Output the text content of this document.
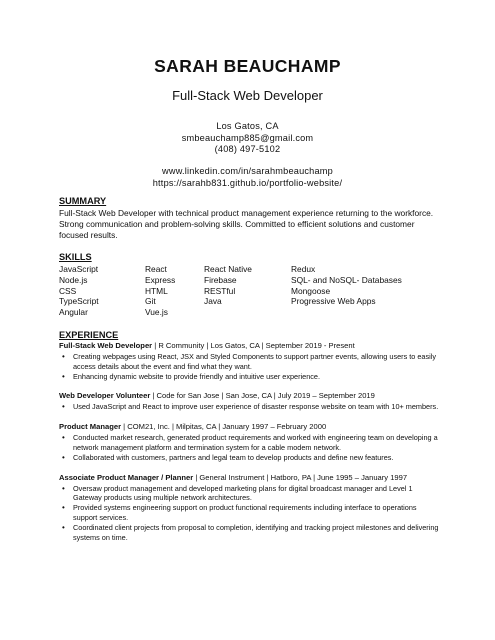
SARAH BEAUCHAMP
Full-Stack Web Developer
Los Gatos, CA
smbeauchamp885@gmail.com
(408) 497-5102
www.linkedin.com/in/sarahmbeauchamp
https://sarahb831.github.io/portfolio-website/
SUMMARY
Full-Stack Web Developer with technical product management experience returning to the workforce. Strong communication and problem-solving skills. Committed to efficient solutions and customer focused results.
SKILLS
JavaScript
Node.js
CSS
TypeScript
Angular
React
Express
HTML
Git
Vue.js
React Native
Firebase
RESTful
Java
Redux
SQL- and NoSQL- Databases
Mongoose
Progressive Web Apps
EXPERIENCE
Full-Stack Web Developer | R Community | Los Gatos, CA | September 2019 - Present
• Creating webpages using React, JSX and Styled Components to support partner events, allowing users to easily access details about the event and find what they want.
• Enhancing dynamic website to provide friendly and intuitive user experience.
Web Developer Volunteer | Code for San Jose | San Jose, CA | July 2019 – September 2019
• Used JavaScript and React to improve user experience of disaster response website on team with 10+ members.
Product Manager | COM21, Inc. | Milpitas, CA | January 1997 – February 2000
• Conducted market research, generated product requirements and worked with engineering team on developing a network management platform and termination system for a cable modem network.
• Collaborated with customers, partners and legal team to develop products and define new features.
Associate Product Manager / Planner | General Instrument | Hatboro, PA | June 1995 – January 1997
• Oversaw product management and developed marketing plans for digital broadcast manager and Level 1 Gateway products using multiple network architectures.
• Provided systems engineering support on product functional requirements including interface to operations support services.
• Coordinated client projects from proposal to completion, identifying and tracking project milestones and delivering systems on time.
